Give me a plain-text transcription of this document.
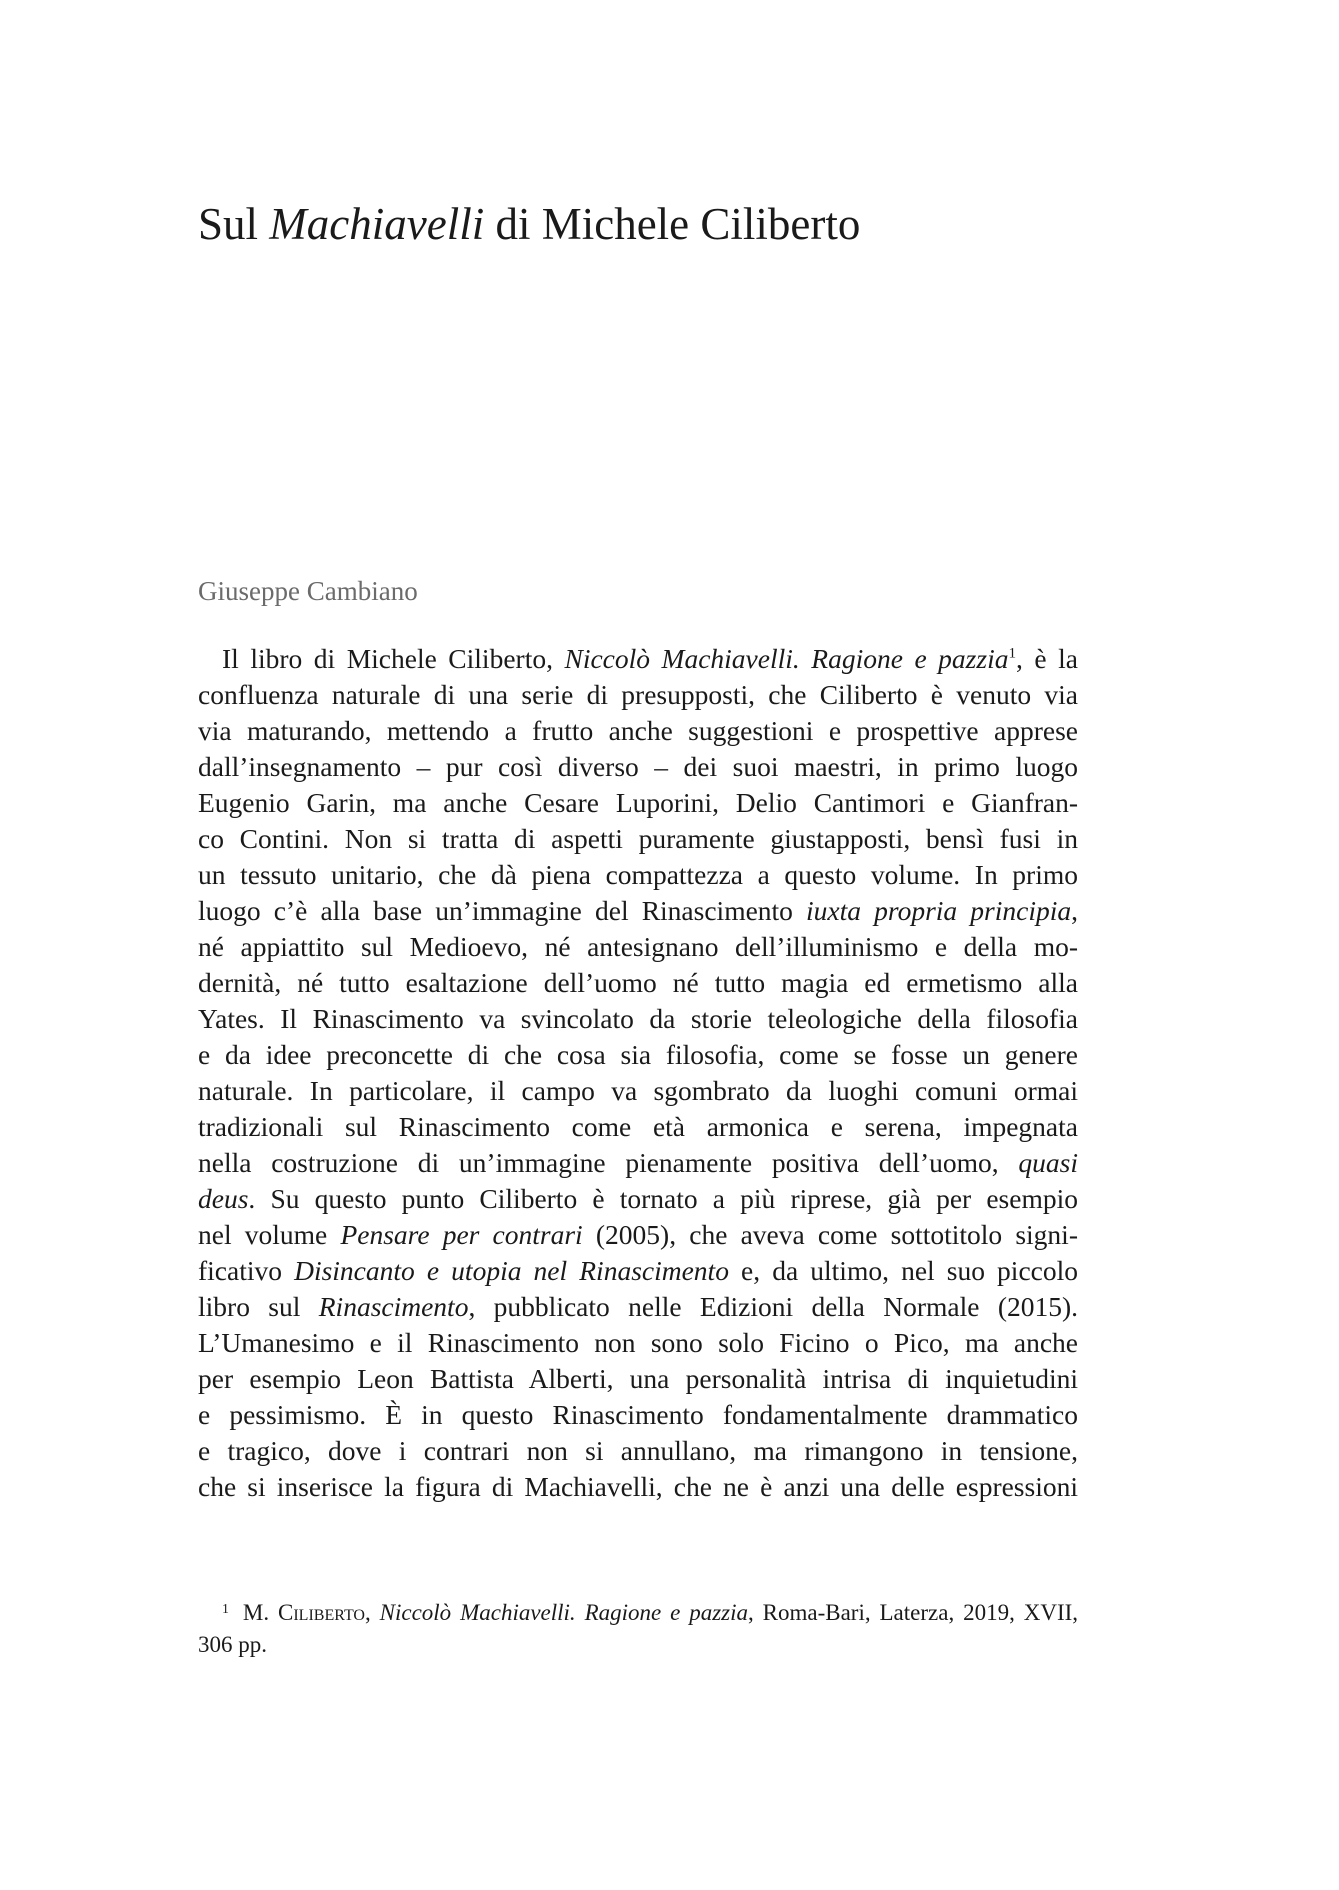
Sul Machiavelli di Michele Ciliberto

Giuseppe Cambiano

Il libro di Michele Ciliberto, Niccolò Machiavelli. Ragione e pazzia$^1$, è la
confluenza naturale di una serie di presupposti, che Ciliberto è venuto via
via maturando, mettendo a frutto anche suggestioni e prospettive apprese
dall’insegnamento – pur così diverso – dei suoi maestri, in primo luogo
Eugenio Garin, ma anche Cesare Luporini, Delio Cantimori e Gianfran-
co Contini. Non si tratta di aspetti puramente giustapposti, bensì fusi in
un tessuto unitario, che dà piena compattezza a questo volume. In primo
luogo c’è alla base un’immagine del Rinascimento iuxta propria principia,
né appiattito sul Medioevo, né antesignano dell’illuminismo e della mo-
dernità, né tutto esaltazione dell’uomo né tutto magia ed ermetismo alla
Yates. Il Rinascimento va svincolato da storie teleologiche della filosofia
e da idee preconcette di che cosa sia filosofia, come se fosse un genere
naturale. In particolare, il campo va sgombrato da luoghi comuni ormai
tradizionali sul Rinascimento come età armonica e serena, impegnata
nella costruzione di un’immagine pienamente positiva dell’uomo, quasi
deus. Su questo punto Ciliberto è tornato a più riprese, già per esempio
nel volume Pensare per contrari (2005), che aveva come sottotitolo signi-
ficativo Disincanto e utopia nel Rinascimento e, da ultimo, nel suo piccolo
libro sul Rinascimento, pubblicato nelle Edizioni della Normale (2015).
L’Umanesimo e il Rinascimento non sono solo Ficino o Pico, ma anche
per esempio Leon Battista Alberti, una personalità intrisa di inquietudini
e pessimismo. È in questo Rinascimento fondamentalmente drammatico
e tragico, dove i contrari non si annullano, ma rimangono in tensione,
che si inserisce la figura di Machiavelli, che ne è anzi una delle espressioni
$^1$ M. Ciliberto, Niccolò Machiavelli. Ragione e pazzia, Roma-Bari, Laterza, 2019, XVII,
306 pp.
